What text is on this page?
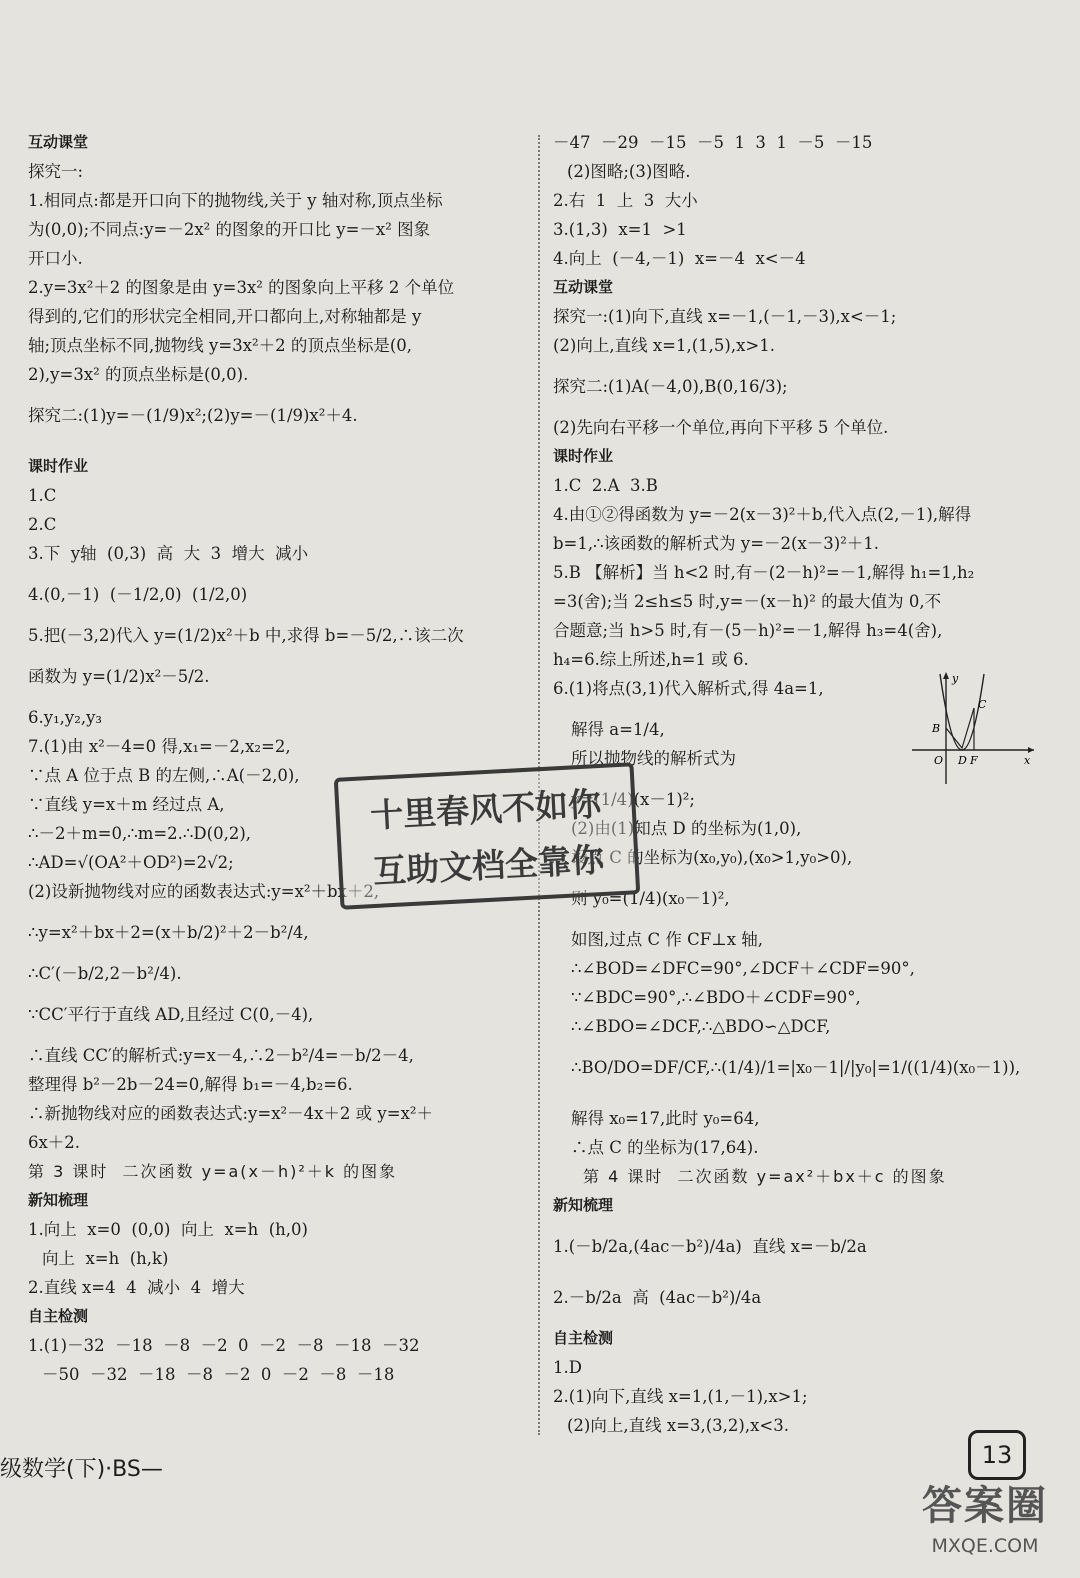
互动课堂
探究一:
1.相同点:都是开口向下的抛物线,关于 y 轴对称,顶点坐标
为(0,0);不同点:y=－2x² 的图象的开口比 y=－x² 图象
开口小.
2.y=3x²＋2 的图象是由 y=3x² 的图象向上平移 2 个单位
得到的,它们的形状完全相同,开口都向上,对称轴都是 y
轴;顶点坐标不同,抛物线 y=3x²＋2 的顶点坐标是(0,
2),y=3x² 的顶点坐标是(0,0).
探究二:(1)y=－(1/9)x²;(2)y=－(1/9)x²＋4.
课时作业
1.C
2.C
3.下  y轴  (0,3)  高  大  3  增大  减小
4.(0,－1)  (－1/2,0)  (1/2,0)
5.把(－3,2)代入 y=(1/2)x²＋b 中,求得 b=－5/2,∴该二次
函数为 y=(1/2)x²－5/2.
6.y₁,y₂,y₃
7.(1)由 x²－4=0 得,x₁=－2,x₂=2,
∵点 A 位于点 B 的左侧,∴A(－2,0),
∵直线 y=x＋m 经过点 A,
∴－2＋m=0,∴m=2.∴D(0,2),
∴AD=√(OA²＋OD²)=2√2;
(2)设新抛物线对应的函数表达式:y=x²＋bx＋2,
∴y=x²＋bx＋2=(x＋b/2)²＋2－b²/4,
∴C′(－b/2,2－b²/4).
∵CC′平行于直线 AD,且经过 C(0,－4),
∴直线 CC′的解析式:y=x－4,∴2－b²/4=－b/2－4,
整理得 b²－2b－24=0,解得 b₁=－4,b₂=6.
∴新抛物线对应的函数表达式:y=x²－4x＋2 或 y=x²＋
6x＋2.
第 3 课时  二次函数 y=a(x－h)²＋k 的图象
新知梳理
1.向上  x=0  (0,0)  向上  x=h  (h,0)
向上  x=h  (h,k)
2.直线 x=4  4  减小  4  增大
自主检测
1.(1)－32  －18  －8  －2  0  －2  －8  －18  －32
－50  －32  －18  －8  －2  0  －2  －8  －18
－47  －29  －15  －5  1  3  1  －5  －15
(2)图略;(3)图略.
2.右  1  上  3  大小
3.(1,3)  x=1  >1
4.向上  (－4,－1)  x=－4  x<－4
互动课堂
探究一:(1)向下,直线 x=－1,(－1,－3),x<－1;
(2)向上,直线 x=1,(1,5),x>1.
探究二:(1)A(－4,0),B(0,16/3);
(2)先向右平移一个单位,再向下平移 5 个单位.
课时作业
1.C  2.A  3.B
4.由①②得函数为 y=－2(x－3)²＋b,代入点(2,－1),解得
b=1,∴该函数的解析式为 y=－2(x－3)²＋1.
5.B 【解析】当 h<2 时,有－(2－h)²=－1,解得 h₁=1,h₂
=3(舍);当 2≤h≤5 时,y=－(x－h)² 的最大值为 0,不
合题意;当 h>5 时,有－(5－h)²=－1,解得 h₃=4(舍),
h₄=6.综上所述,h=1 或 6.
6.(1)将点(3,1)代入解析式,得 4a=1,
解得 a=1/4,
所以抛物线的解析式为
y=(1/4)(x－1)²;
(2)由(1)知点 D 的坐标为(1,0),
设点 C 的坐标为(x₀,y₀),(x₀>1,y₀>0),
则 y₀=(1/4)(x₀－1)²,
如图,过点 C 作 CF⊥x 轴,
∴∠BOD=∠DFC=90°,∠DCF＋∠CDF=90°,
∵∠BDC=90°,∴∠BDO＋∠CDF=90°,
∴∠BDO=∠DCF,∴△BDO∽△DCF,
∴BO/DO=DF/CF,∴(1/4)/1=|x₀－1|/|y₀|=1/((1/4)(x₀－1)),
解得 x₀=17,此时 y₀=64,
∴点 C 的坐标为(17,64).
第 4 课时  二次函数 y=ax²＋bx＋c 的图象
新知梳理
1.(－b/2a,(4ac－b²)/4a)  直线 x=－b/2a
2.－b/2a  高  (4ac－b²)/4a
自主检测
1.D
2.(1)向下,直线 x=1,(1,－1),x>1;
(2)向上,直线 x=3,(3,2),x<3.
y
B
O D
C
F	x
十里春风不如你
互助文档全靠你
级数学(下)·BS—
13
答案圈
MXQE.COM
